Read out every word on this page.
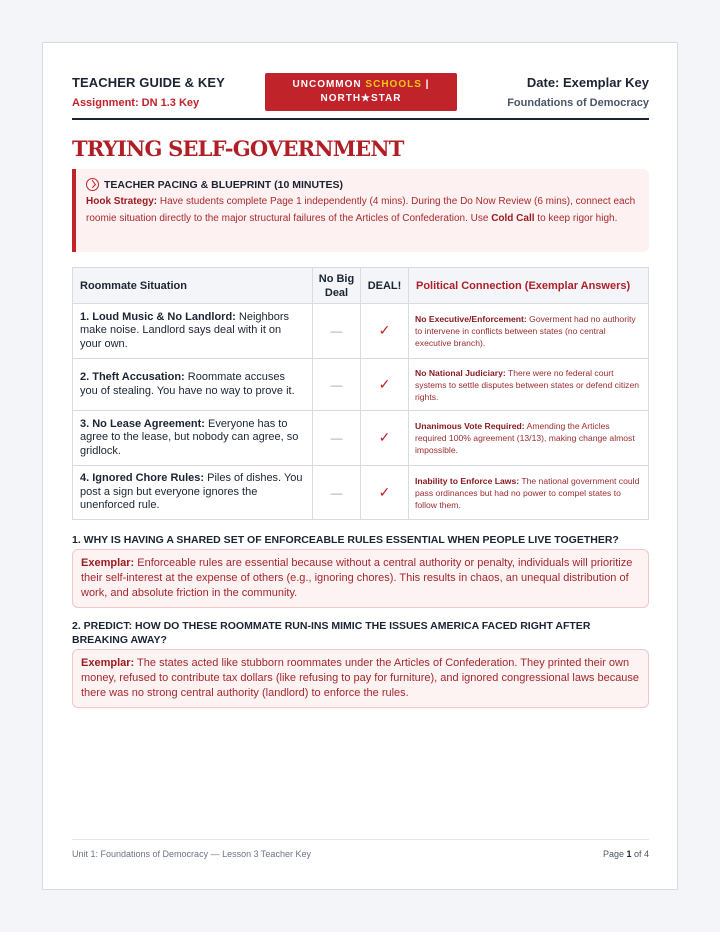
TEACHER GUIDE & KEY
Assignment: DN 1.3 Key
UNCOMMON SCHOOLS |
NORTH★STAR
Date: Exemplar Key
Foundations of Democracy
TRYING SELF-GOVERNMENT
TEACHER PACING & BLUEPRINT (10 MINUTES)
Hook Strategy: Have students complete Page 1 independently (4 mins). During the Do Now Review (6 mins), connect each roomie situation directly to the major structural failures of the Articles of Confederation. Use Cold Call to keep rigor high.
Roommate Situation	No Big Deal	DEAL!	Political Connection (Exemplar Answers)
1. Loud Music & No Landlord: Neighbors make noise. Landlord says deal with it on your own.	—	✓	No Executive/Enforcement: Goverment had no authority to intervene in conflicts between states (no central executive branch).
2. Theft Accusation: Roommate accuses you of stealing. You have no way to prove it.	—	✓	No National Judiciary: There were no federal court systems to settle disputes between states or defend citizen rights.
3. No Lease Agreement: Everyone has to agree to the lease, but nobody can agree, so gridlock.	—	✓	Unanimous Vote Required: Amending the Articles required 100% agreement (13/13), making change almost impossible.
4. Ignored Chore Rules: Piles of dishes. You post a sign but everyone ignores the unenforced rule.	—	✓	Inability to Enforce Laws: The national government could pass ordinances but had no power to compel states to follow them.
1. WHY IS HAVING A SHARED SET OF ENFORCEABLE RULES ESSENTIAL WHEN PEOPLE LIVE TOGETHER?
Exemplar: Enforceable rules are essential because without a central authority or penalty, individuals will prioritize their self-interest at the expense of others (e.g., ignoring chores). This results in chaos, an unequal distribution of work, and absolute friction in the community.
2. PREDICT: HOW DO THESE ROOMMATE RUN-INS MIMIC THE ISSUES AMERICA FACED RIGHT AFTER BREAKING AWAY?
Exemplar: The states acted like stubborn roommates under the Articles of Confederation. They printed their own money, refused to contribute tax dollars (like refusing to pay for furniture), and ignored congressional laws because there was no strong central authority (landlord) to enforce the rules.
Unit 1: Foundations of Democracy — Lesson 3 Teacher Key	Page 1 of 4
